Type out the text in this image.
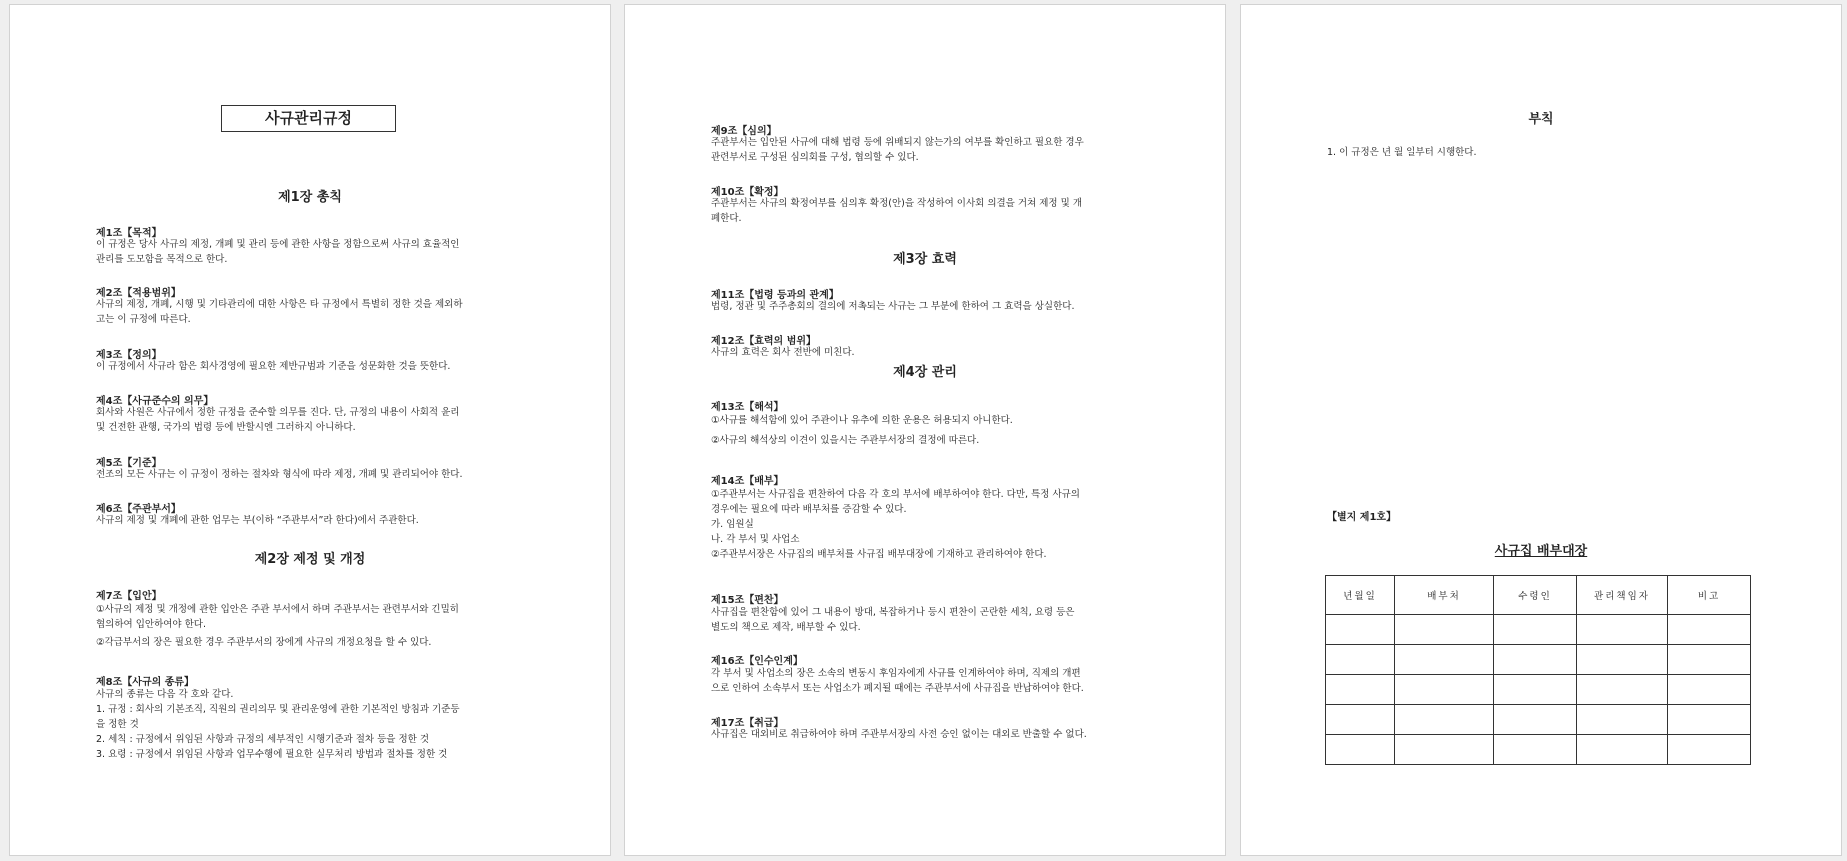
사규관리규정
제1장 총칙
제1조【목적】
이 규정은 당사 사규의 제정, 개폐 및 관리 등에 관한 사항을 정함으로써 사규의 효율적인
관리를 도모함을 목적으로 한다.
제2조【적용범위】
사규의 제정, 개폐, 시행 및 기타관리에 대한 사항은 타 규정에서 특별히 정한 것을 제외하
고는 이 규정에 따른다.
제3조【정의】
이 규정에서 사규라 함은 회사경영에 필요한 제반규범과 기준을 성문화한 것을 뜻한다.
제4조【사규준수의 의무】
회사와 사원은 사규에서 정한 규정을 준수할 의무를 진다. 단, 규정의 내용이 사회적 윤리
및 건전한 관행, 국가의 법령 등에 반할시엔 그러하지 아니하다.
제5조【기준】
전조의 모든 사규는 이 규정이 정하는 절차와 형식에 따라 제정, 개폐 및 관리되어야 한다.
제6조【주관부서】
사규의 제정 및 개폐에 관한 업무는 부(이하 “주관부서”라 한다)에서 주관한다.
제2장 제정 및 개정
제7조【입안】
①사규의 제정 및 개정에 관한 입안은 주관 부서에서 하며 주관부서는 관련부서와 긴밀히
협의하여 입안하여야 한다.
②각급부서의 장은 필요한 경우 주관부서의 장에게 사규의 개정요청을 할 수 있다.
제8조【사규의 종류】
사규의 종류는 다음 각 호와 같다.
1. 규정 : 회사의 기본조직, 직원의 권리의무 및 관리운영에 관한 기본적인 방침과 기준등
을 정한 것
2. 세칙 : 규정에서 위임된 사항과 규정의 세부적인 시행기준과 절차 등을 정한 것
3. 요령 : 규정에서 위임된 사항과 업무수행에 필요한 실무처리 방법과 절차를 정한 것
제9조【심의】
주관부서는 입안된 사규에 대해 법령 등에 위배되지 않는가의 여부를 확인하고 필요한 경우
관련부서로 구성된 심의회를 구성, 협의할 수 있다.
제10조【확정】
주관부서는 사규의 확정여부를 심의후 확정(안)을 작성하여 이사회 의결을 거쳐 제정 및 개
폐한다.
제3장 효력
제11조【법령 등과의 관계】
법령, 정관 및 주주총회의 결의에 저촉되는 사규는 그 부분에 한하여 그 효력을 상실한다.
제12조【효력의 범위】
사규의 효력은 회사 전반에 미친다.
제4장 관리
제13조【해석】
①사규를 해석함에 있어 주관이나 유추에 의한 운용은 허용되지 아니한다.
②사규의 해석상의 이견이 있을시는 주관부서장의 결정에 따른다.
제14조【배부】
①주관부서는 사규집을 편찬하여 다음 각 호의 부서에 배부하여야 한다. 다만, 특정 사규의
경우에는 필요에 따라 배부처를 증감할 수 있다.
가. 임원실
나. 각 부서 및 사업소
②주관부서장은 사규집의 배부처를 사규집 배부대장에 기재하고 관리하여야 한다.
제15조【편찬】
사규집을 편찬함에 있어 그 내용이 방대, 복잡하거나 등시 편찬이 곤란한 세칙, 요령 등은
별도의 책으로 제작, 배부할 수 있다.
제16조【인수인계】
각 부서 및 사업소의 장은 소속의 변동시 후임자에게 사규를 인계하여야 하며, 직제의 개편
으로 인하여 소속부서 또는 사업소가 폐지될 때에는 주관부서에 사규집을 반납하여야 한다.
제17조【취급】
사규집은 대외비로 취급하여야 하며 주관부서장의 사전 승인 없이는 대외로 반출할 수 없다.
부칙
1. 이 규정은 년 월 일부터 시행한다.
【별지 제1호】
사규집 배부대장
년월일	배부처	수령인	관리책임자	비고
